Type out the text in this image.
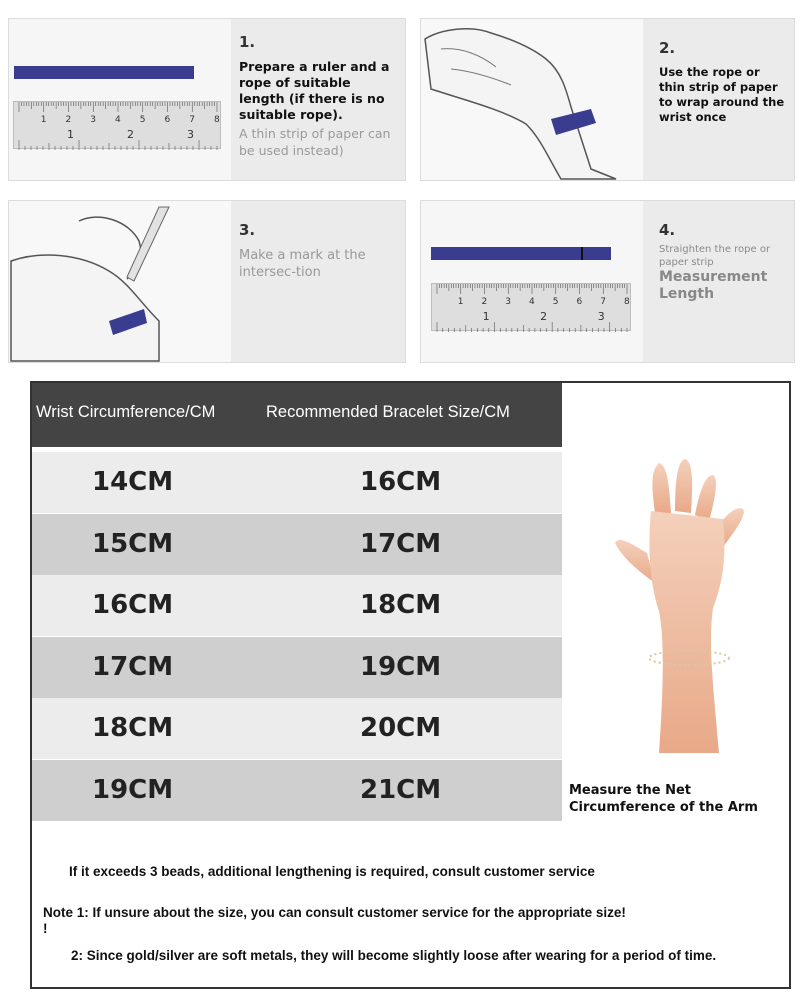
1 2 3 4 5 6 7 8
1	2	3
1.
Prepare a ruler and a rope of suitable length (if there is no suitable rope).
A thin strip of paper can be used instead)
2.
Use the rope or thin strip of paper to wrap around the wrist once
3.
Make a mark at the intersec-tion
1 2 3 4 5 6 7 8
1	2	3
4.
Straighten the rope or paper strip
Measurement Length
Wrist Circumference/CM	Recommended Bracelet Size/CM
14CM	16CM
15CM	17CM
16CM	18CM
17CM	19CM
18CM	20CM
19CM	21CM	Measure the Net Circumference of the Arm
If it exceeds 3 beads, additional lengthening is required, consult customer service
Note 1: If unsure about the size, you can consult customer service for the appropriate size!
!
2: Since gold/silver are soft metals, they will become slightly loose after wearing for a period of time.
